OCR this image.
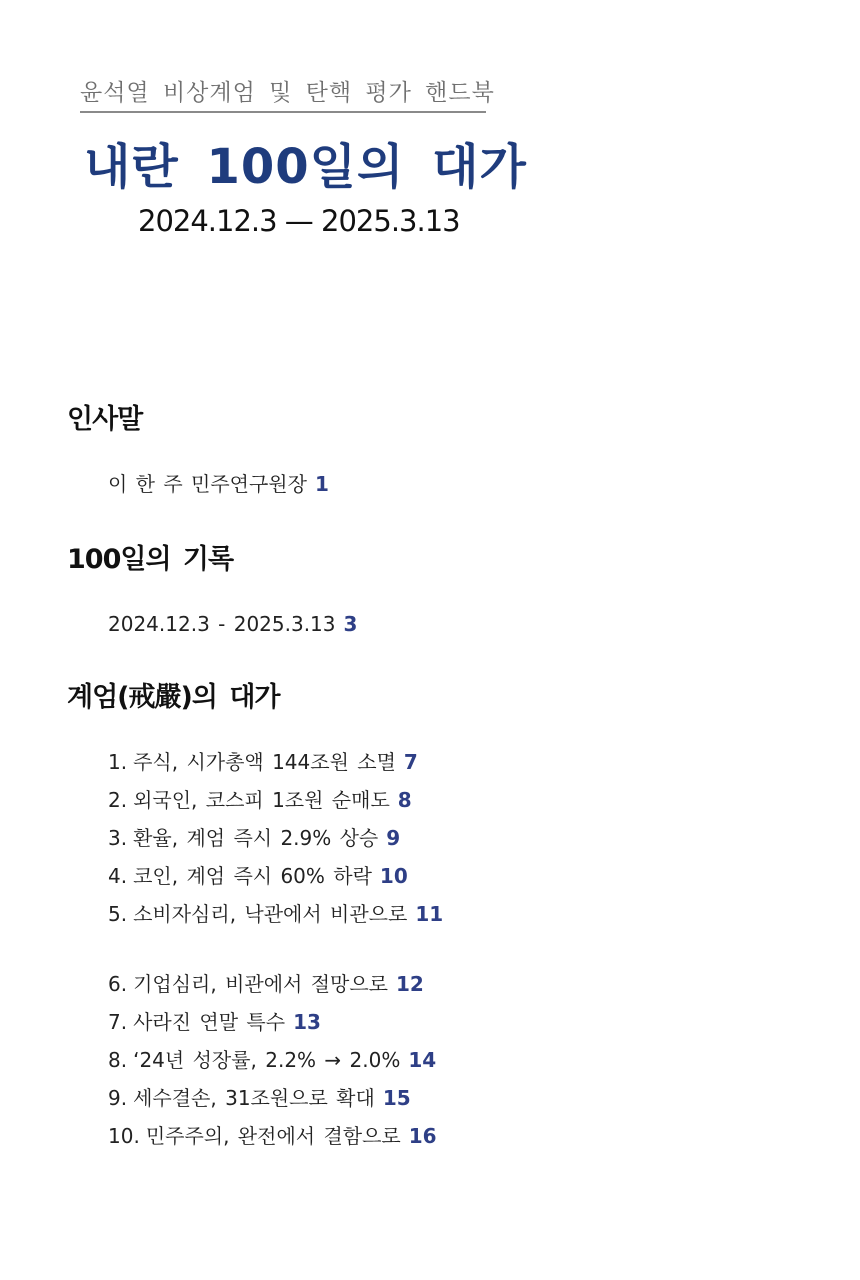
윤석열 비상계엄 및 탄핵 평가 핸드북
내란 100일의 대가
2024.12.3 — 2025.3.13
인사말
이 한 주 민주연구원장 1
100일의 기록
2024.12.3 - 2025.3.13 3
계엄(戒嚴)의 대가
1. 주식, 시가총액 144조원 소멸 7
2. 외국인, 코스피 1조원 순매도 8
3. 환율, 계엄 즉시 2.9% 상승 9
4. 코인, 계엄 즉시 60% 하락 10
5. 소비자심리, 낙관에서 비관으로 11
6. 기업심리, 비관에서 절망으로 12
7. 사라진 연말 특수 13
8. ‘24년 성장률, 2.2% → 2.0% 14
9. 세수결손, 31조원으로 확대 15
10. 민주주의, 완전에서 결함으로 16
